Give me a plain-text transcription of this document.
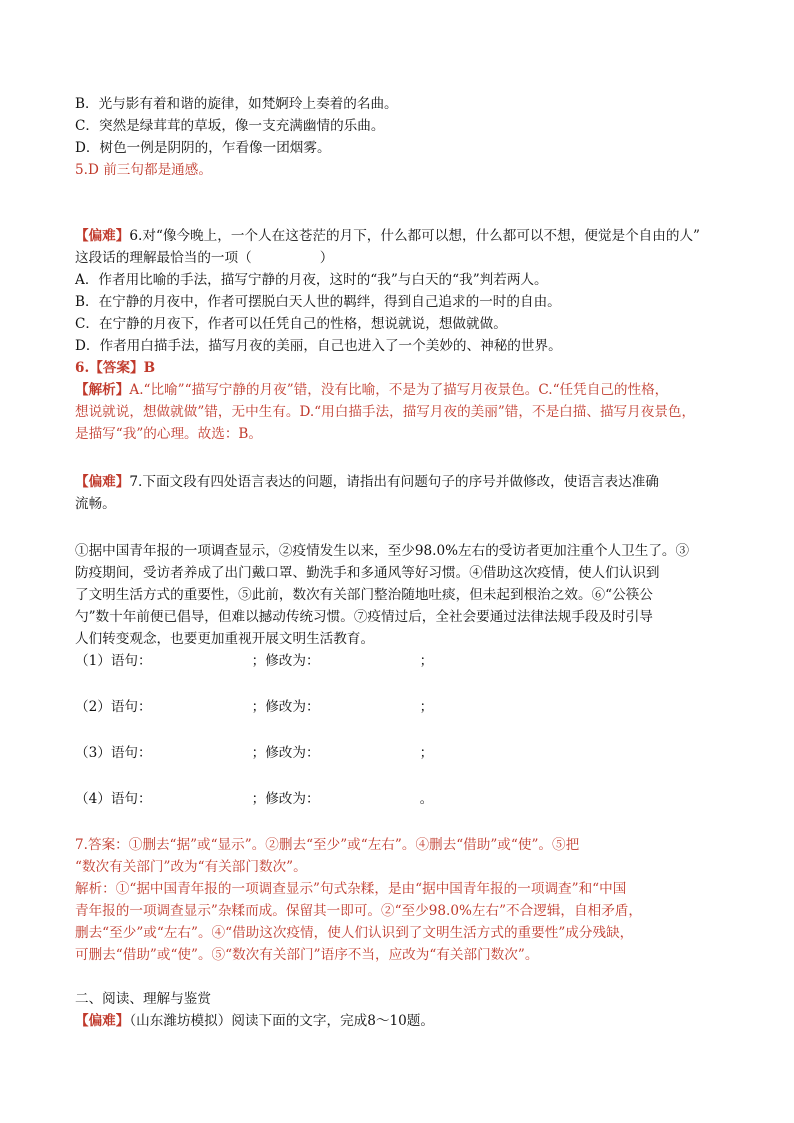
B．光与影有着和谐的旋律，如梵婀玲上奏着的名曲。
C．突然是绿茸茸的草坂，像一支充满幽情的乐曲。
D．树色一例是阴阴的，乍看像一团烟雾。
5.D 前三句都是通感。
【偏难】6.对“像今晚上，一个人在这苍茫的月下，什么都可以想，什么都可以不想，便觉是个自由的人”
这段话的理解最恰当的一项（	）
A．作者用比喻的手法，描写宁静的月夜，这时的“我”与白天的“我”判若两人。
B．在宁静的月夜中，作者可摆脱白天人世的羁绊，得到自己追求的一时的自由。
C．在宁静的月夜下，作者可以任凭自己的性格，想说就说，想做就做。
D．作者用白描手法，描写月夜的美丽，自己也进入了一个美妙的、神秘的世界。
6.【答案】B
【解析】A.“比喻”“描写宁静的月夜”错，没有比喻，不是为了描写月夜景色。C.“任凭自己的性格，
想说就说，想做就做”错，无中生有。D.“用白描手法，描写月夜的美丽”错，不是白描、描写月夜景色，
是描写“我”的心理。故选：B。
【偏难】7.下面文段有四处语言表达的问题，请指出有问题句子的序号并做修改，使语言表达准确
流畅。
①据中国青年报的一项调查显示，②疫情发生以来，至少98.0%左右的受访者更加注重个人卫生了。③
防疫期间，受访者养成了出门戴口罩、勤洗手和多通风等好习惯。④借助这次疫情，使人们认识到
了文明生活方式的重要性，⑤此前，数次有关部门整治随地吐痰，但未起到根治之效。⑥“公筷公
勺”数十年前便已倡导，但难以撼动传统习惯。⑦疫情过后，全社会要通过法律法规手段及时引导
人们转变观念，也要更加重视开展文明生活教育。
（1）语句：	；修改为：	；
（2）语句：	；修改为：	；
（3）语句：	；修改为：	；
（4）语句：	；修改为：	。
7.答案：①删去“据”或“显示”。②删去“至少”或“左右”。④删去“借助”或“使”。⑤把
“数次有关部门”改为“有关部门数次”。
解析：①“据中国青年报的一项调查显示”句式杂糅，是由“据中国青年报的一项调查”和“中国
青年报的一项调查显示”杂糅而成。保留其一即可。②“至少98.0%左右”不合逻辑，自相矛盾，
删去“至少”或“左右”。④“借助这次疫情，使人们认识到了文明生活方式的重要性”成分残缺，
可删去“借助”或“使”。⑤“数次有关部门”语序不当，应改为“有关部门数次”。
二、阅读、理解与鉴赏
【偏难】（山东潍坊模拟）阅读下面的文字，完成8～10题。
